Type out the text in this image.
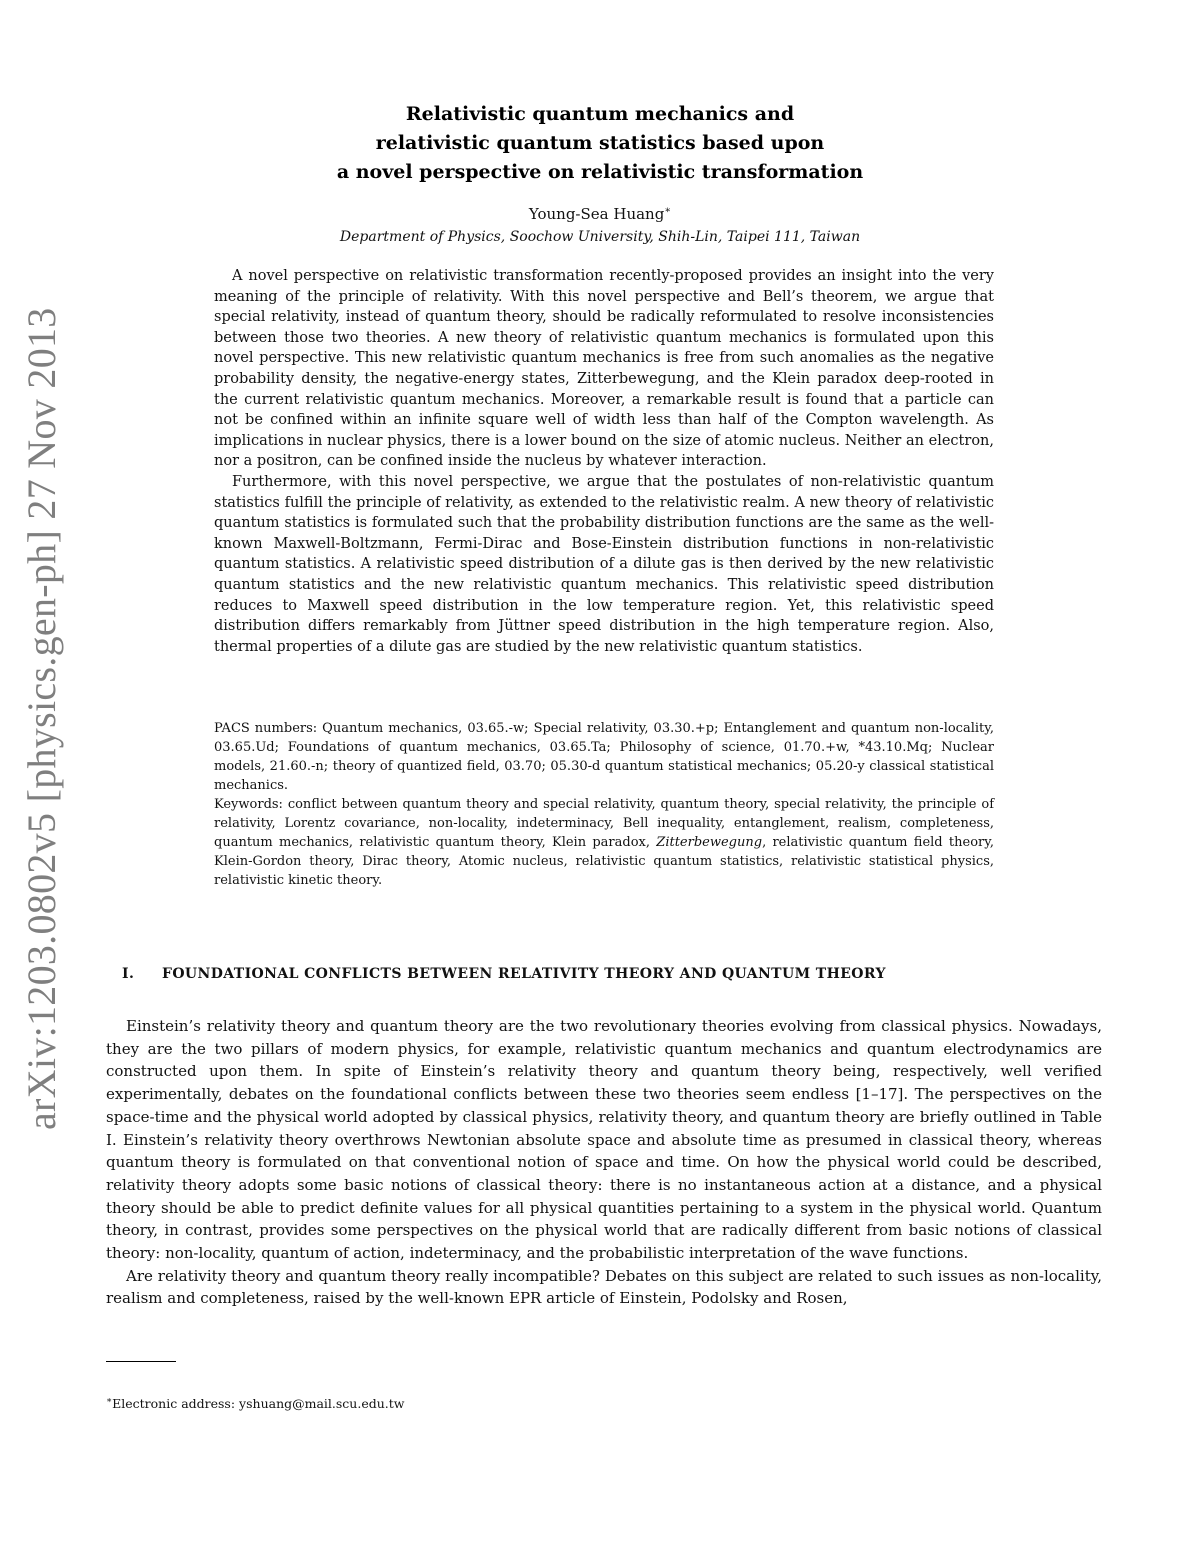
arXiv:1203.0802v5 [physics.gen-ph] 27 Nov 2013
Relativistic quantum mechanics and
relativistic quantum statistics based upon
a novel perspective on relativistic transformation
Young-Sea Huang∗
Department of Physics, Soochow University, Shih-Lin, Taipei 111, Taiwan

A novel perspective on relativistic transformation recently-proposed provides an insight into the very meaning of the principle of relativity. With this novel perspective and Bell’s theorem, we argue that special relativity, instead of quantum theory, should be radically reformulated to resolve inconsistencies between those two theories. A new theory of relativistic quantum mechanics is formulated upon this novel perspective. This new relativistic quantum mechanics is free from such anomalies as the negative probability density, the negative-energy states, Zitterbewegung, and the Klein paradox deep-rooted in the current relativistic quantum mechanics. Moreover, a remarkable result is found that a particle can not be confined within an infinite square well of width less than half of the Compton wavelength. As implications in nuclear physics, there is a lower bound on the size of atomic nucleus. Neither an electron, nor a positron, can be confined inside the nucleus by whatever interaction.

Furthermore, with this novel perspective, we argue that the postulates of non-relativistic quantum statistics fulfill the principle of relativity, as extended to the relativistic realm. A new theory of relativistic quantum statistics is formulated such that the probability distribution functions are the same as the well-known Maxwell-Boltzmann, Fermi-Dirac and Bose-Einstein distribution functions in non-relativistic quantum statistics. A relativistic speed distribution of a dilute gas is then derived by the new relativistic quantum statistics and the new relativistic quantum mechanics. This relativistic speed distribution reduces to Maxwell speed distribution in the low temperature region. Yet, this relativistic speed distribution differs remarkably from Jüttner speed distribution in the high temperature region. Also, thermal properties of a dilute gas are studied by the new relativistic quantum statistics.

PACS numbers: Quantum mechanics, 03.65.-w; Special relativity, 03.30.+p; Entanglement and quantum non-locality, 03.65.Ud; Foundations of quantum mechanics, 03.65.Ta; Philosophy of science, 01.70.+w, *43.10.Mq; Nuclear models, 21.60.-n; theory of quantized field, 03.70; 05.30-d quantum statistical mechanics; 05.20-y classical statistical mechanics.

Keywords: conflict between quantum theory and special relativity, quantum theory, special relativity, the principle of relativity, Lorentz covariance, non-locality, indeterminacy, Bell inequality, entanglement, realism, completeness, quantum mechanics, relativistic quantum theory, Klein paradox, Zitterbewegung, relativistic quantum field theory, Klein-Gordon theory, Dirac theory, Atomic nucleus, relativistic quantum statistics, relativistic statistical physics, relativistic kinetic theory.

I. FOUNDATIONAL CONFLICTS BETWEEN RELATIVITY THEORY AND QUANTUM THEORY

Einstein’s relativity theory and quantum theory are the two revolutionary theories evolving from classical physics. Nowadays, they are the two pillars of modern physics, for example, relativistic quantum mechanics and quantum electrodynamics are constructed upon them. In spite of Einstein’s relativity theory and quantum theory being, respectively, well verified experimentally, debates on the foundational conflicts between these two theories seem endless [1–17]. The perspectives on the space-time and the physical world adopted by classical physics, relativity theory, and quantum theory are briefly outlined in Table I. Einstein’s relativity theory overthrows Newtonian absolute space and absolute time as presumed in classical theory, whereas quantum theory is formulated on that conventional notion of space and time. On how the physical world could be described, relativity theory adopts some basic notions of classical theory: there is no instantaneous action at a distance, and a physical theory should be able to predict definite values for all physical quantities pertaining to a system in the physical world. Quantum theory, in contrast, provides some perspectives on the physical world that are radically different from basic notions of classical theory: non-locality, quantum of action, indeterminacy, and the probabilistic interpretation of the wave functions.

Are relativity theory and quantum theory really incompatible? Debates on this subject are related to such issues as non-locality, realism and completeness, raised by the well-known EPR article of Einstein, Podolsky and Rosen,

∗Electronic address: yshuang@mail.scu.edu.tw
